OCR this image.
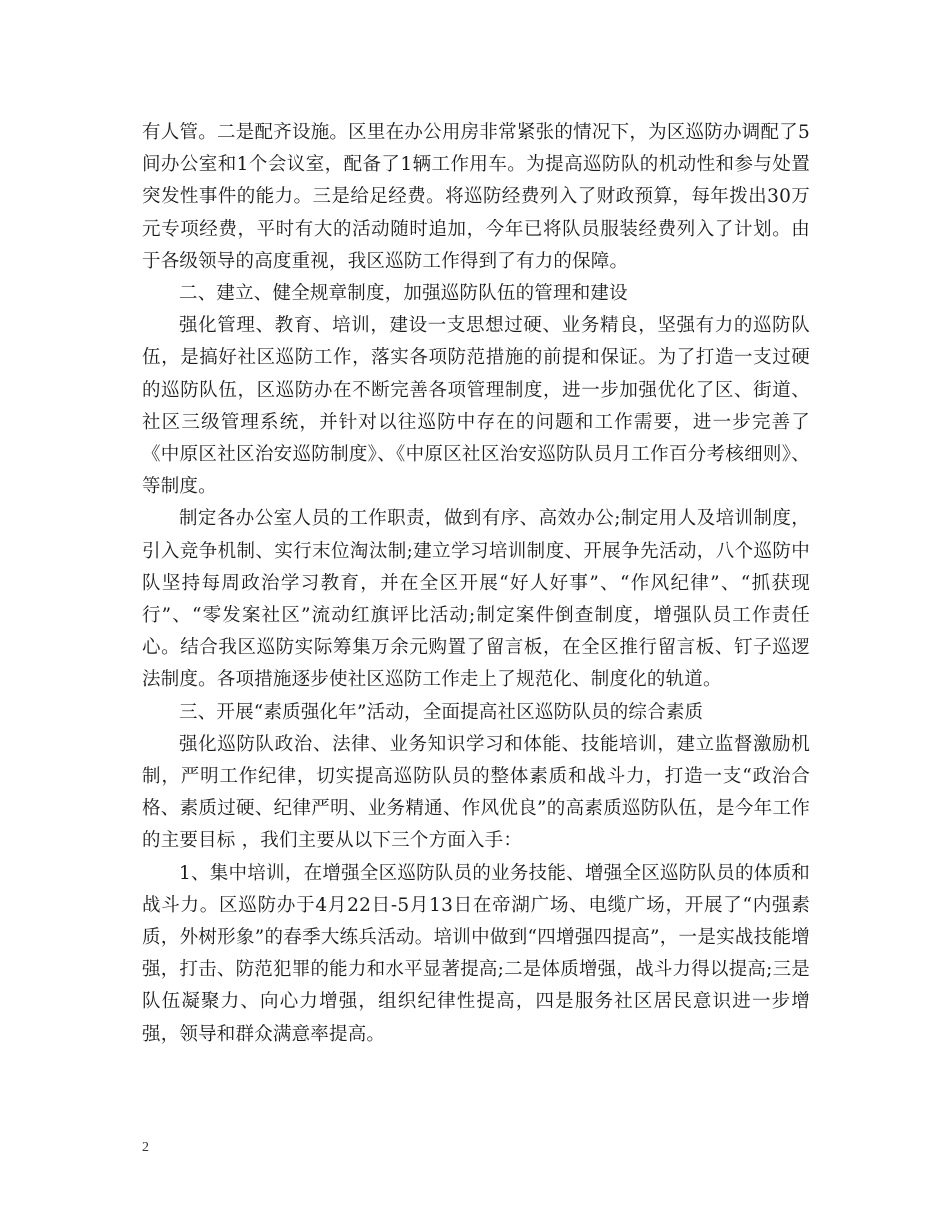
有人管。二是配齐设施。区里在办公用房非常紧张的情况下，为区巡防办调配了5间办公室和1个会议室，配备了1辆工作用车。为提高巡防队的机动性和参与处置突发性事件的能力。三是给足经费。将巡防经费列入了财政预算，每年拨出30万元专项经费，平时有大的活动随时追加，今年已将队员服装经费列入了计划。由于各级领导的高度重视，我区巡防工作得到了有力的保障。

二、建立、健全规章制度，加强巡防队伍的管理和建设

强化管理、教育、培训，建设一支思想过硬、业务精良，坚强有力的巡防队伍，是搞好社区巡防工作，落实各项防范措施的前提和保证。为了打造一支过硬的巡防队伍，区巡防办在不断完善各项管理制度，进一步加强优化了区、街道、社区三级管理系统，并针对以往巡防中存在的问题和工作需要，进一步完善了《中原区社区治安巡防制度》、《中原区社区治安巡防队员月工作百分考核细则》、等制度。

制定各办公室人员的工作职责，做到有序、高效办公;制定用人及培训制度，引入竞争机制、实行末位淘汰制;建立学习培训制度、开展争先活动，八个巡防中队坚持每周政治学习教育，并在全区开展“好人好事”、“作风纪律”、“抓获现行”、“零发案社区”流动红旗评比活动;制定案件倒查制度，增强队员工作责任心。结合我区巡防实际筹集万余元购置了留言板，在全区推行留言板、钉子巡逻法制度。各项措施逐步使社区巡防工作走上了规范化、制度化的轨道。

三、开展“素质强化年”活动，全面提高社区巡防队员的综合素质

强化巡防队政治、法律、业务知识学习和体能、技能培训，建立监督激励机制，严明工作纪律，切实提高巡防队员的整体素质和战斗力，打造一支“政治合格、素质过硬、纪律严明、业务精通、作风优良”的高素质巡防队伍，是今年工作的主要目标 ，我们主要从以下三个方面入手：

1、集中培训，在增强全区巡防队员的业务技能、增强全区巡防队员的体质和战斗力。区巡防办于4月22日-5月13日在帝湖广场、电缆广场，开展了“内强素质，外树形象”的春季大练兵活动。培训中做到“四增强四提高”，一是实战技能增强，打击、防范犯罪的能力和水平显著提高;二是体质增强，战斗力得以提高;三是队伍凝聚力、向心力增强，组织纪律性提高，四是服务社区居民意识进一步增强，领导和群众满意率提高。

2
